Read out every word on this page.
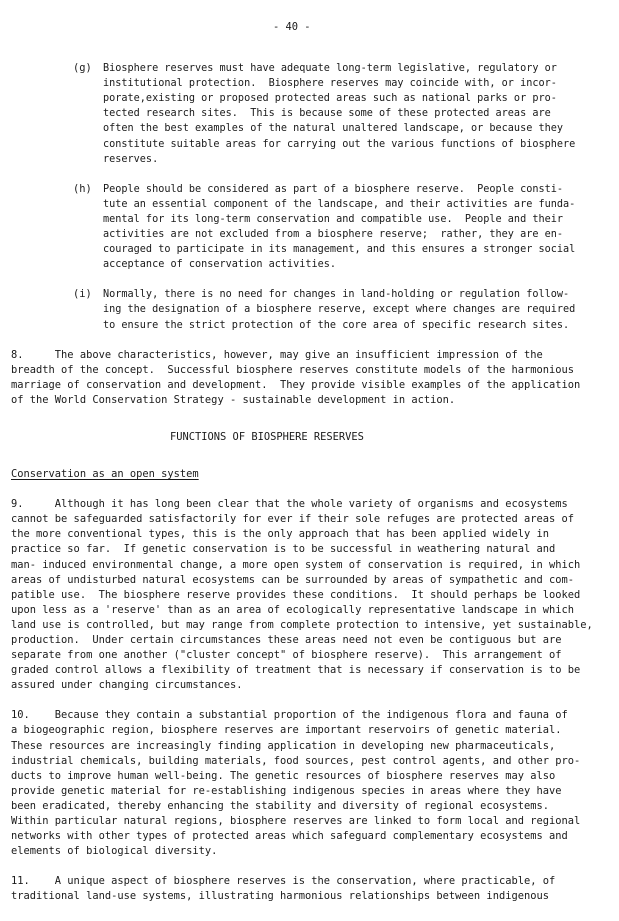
- 40 -
(g)	Biosphere reserves must have adequate long-term legislative, regulatory or
institutional protection.  Biosphere reserves may coincide with, or incor-
porate,existing or proposed protected areas such as national parks or pro-
tected research sites.  This is because some of these protected areas are
often the best examples of the natural unaltered landscape, or because they
constitute suitable areas for carrying out the various functions of biosphere
reserves.
(h)	People should be considered as part of a biosphere reserve.  People consti-
tute an essential component of the landscape, and their activities are funda-
mental for its long-term conservation and compatible use.  People and their
activities are not excluded from a biosphere reserve;  rather, they are en-
couraged to participate in its management, and this ensures a stronger social
acceptance of conservation activities.
(i)	Normally, there is no need for changes in land-holding or regulation follow-
ing the designation of a biosphere reserve, except where changes are required
to ensure the strict protection of the core area of specific research sites.
8.     The above characteristics, however, may give an insufficient impression of the
breadth of the concept.  Successful biosphere reserves constitute models of the harmonious
marriage of conservation and development.  They provide visible examples of the application
of the World Conservation Strategy - sustainable development in action.
FUNCTIONS OF BIOSPHERE RESERVES
Conservation as an open system
9.     Although it has long been clear that the whole variety of organisms and ecosystems
cannot be safeguarded satisfactorily for ever if their sole refuges are protected areas of
the more conventional types, this is the only approach that has been applied widely in
practice so far.  If genetic conservation is to be successful in weathering natural and
man- induced environmental change, a more open system of conservation is required, in which
areas of undisturbed natural ecosystems can be surrounded by areas of sympathetic and com-
patible use.  The biosphere reserve provides these conditions.  It should perhaps be looked
upon less as a 'reserve' than as an area of ecologically representative landscape in which
land use is controlled, but may range from complete protection to intensive, yet sustainable,
production.  Under certain circumstances these areas need not even be contiguous but are
separate from one another ("cluster concept" of biosphere reserve).  This arrangement of
graded control allows a flexibility of treatment that is necessary if conservation is to be
assured under changing circumstances.
10.    Because they contain a substantial proportion of the indigenous flora and fauna of
a biogeographic region, biosphere reserves are important reservoirs of genetic material.
These resources are increasingly finding application in developing new pharmaceuticals,
industrial chemicals, building materials, food sources, pest control agents, and other pro-
ducts to improve human well-being. The genetic resources of biosphere reserves may also
provide genetic material for re-establishing indigenous species in areas where they have
been eradicated, thereby enhancing the stability and diversity of regional ecosystems.
Within particular natural regions, biosphere reserves are linked to form local and regional
networks with other types of protected areas which safeguard complementary ecosystems and
elements of biological diversity.
11.    A unique aspect of biosphere reserves is the conservation, where practicable, of
traditional land-use systems, illustrating harmonious relationships between indigenous
